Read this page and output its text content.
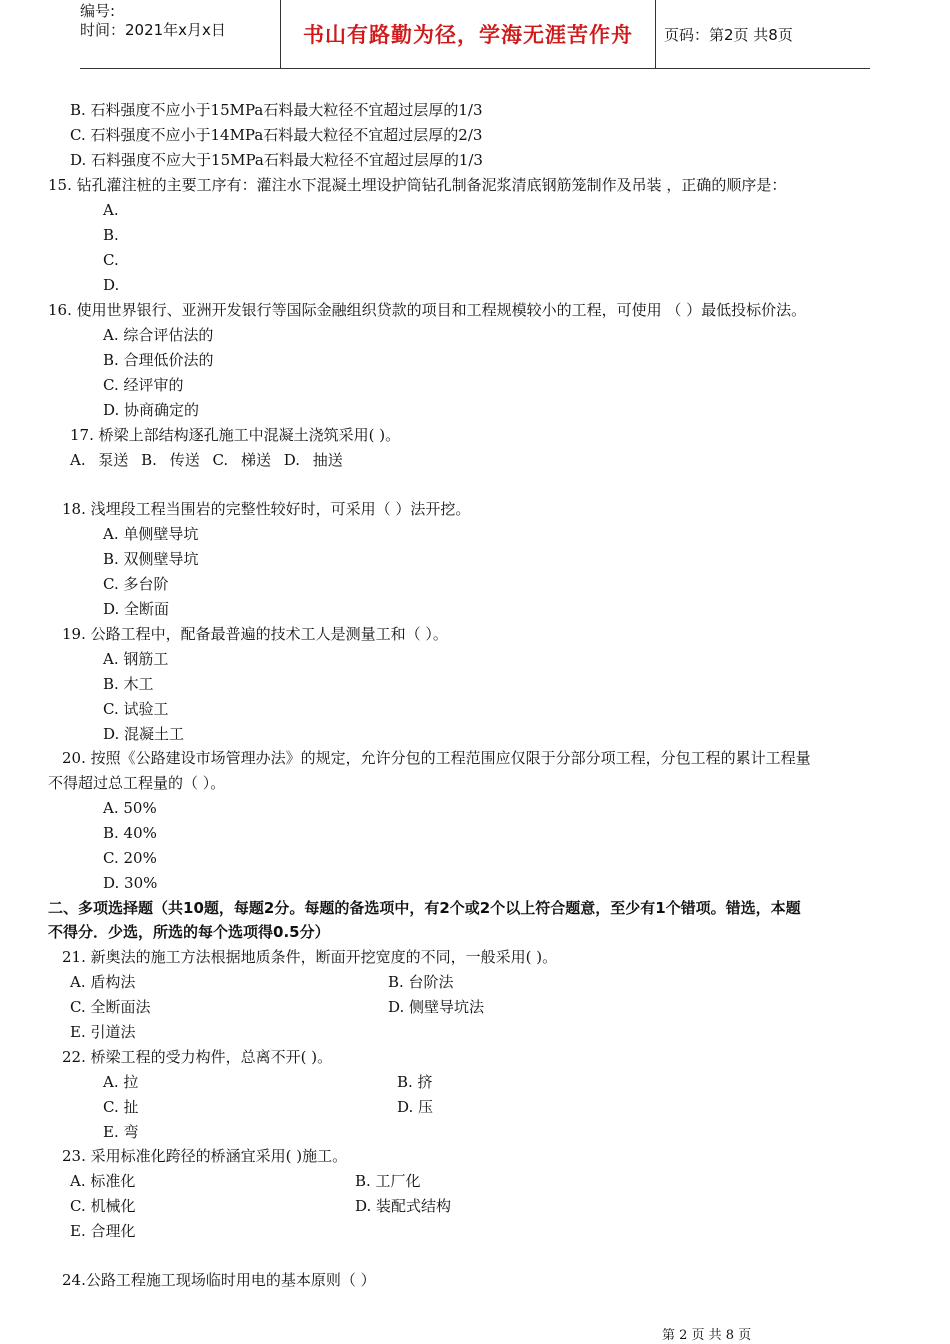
编号:
时间：2021年x月x日	书山有路勤为径，学海无涯苦作舟 页码：第2页 共8页
B. 石料强度不应小于15MPa石料最大粒径不宜超过层厚的1/3
C. 石料强度不应小于14MPa石料最大粒径不宜超过层厚的2/3
D. 石料强度不应大于15MPa石料最大粒径不宜超过层厚的1/3
15. 钻孔灌注桩的主要工序有：灌注水下混凝土埋设护筒钻孔制备泥浆清底钢筋笼制作及吊装 ，正确的顺序是：
A.
B.
C.
D.
16. 使用世界银行、亚洲开发银行等国际金融组织贷款的项目和工程规模较小的工程，可使用 （ ）最低投标价法。
A. 综合评估法的
B. 合理低价法的
C. 经评审的
D. 协商确定的
17. 桥梁上部结构逐孔施工中混凝土浇筑采用( )。
A. 泵送 B. 传送 C. 梯送 D. 抽送
18. 浅埋段工程当围岩的完整性较好时，可采用（ ）法开挖。
A. 单侧壁导坑
B. 双侧壁导坑
C. 多台阶
D. 全断面
19. 公路工程中，配备最普遍的技术工人是测量工和（ ）。
A. 钢筋工
B. 木工
C. 试验工
D. 混凝土工
20. 按照《公路建设市场管理办法》的规定，允许分包的工程范围应仅限于分部分项工程，分包工程的累计工程量
不得超过总工程量的（ ）。
A. 50%
B. 40%
C. 20%
D. 30%
二、多项选择题（共10题，每题2分。每题的备选项中，有2个或2个以上符合题意，至少有1个错项。错选，本题
不得分．少选，所选的每个选项得0.5分）
21. 新奥法的施工方法根据地质条件，断面开挖宽度的不同，一般采用( )。
A. 盾构法	B. 台阶法
C. 全断面法	D. 侧壁导坑法
E. 引道法
22. 桥梁工程的受力构件，总离不开( )。
A. 拉	B. 挤
C. 扯	D. 压
E. 弯
23. 采用标准化跨径的桥涵宜采用( )施工。
A. 标准化	B. 工厂化
C. 机械化	D. 装配式结构
E. 合理化
24.公路工程施工现场临时用电的基本原则（ ）
第 2 页 共 8 页
